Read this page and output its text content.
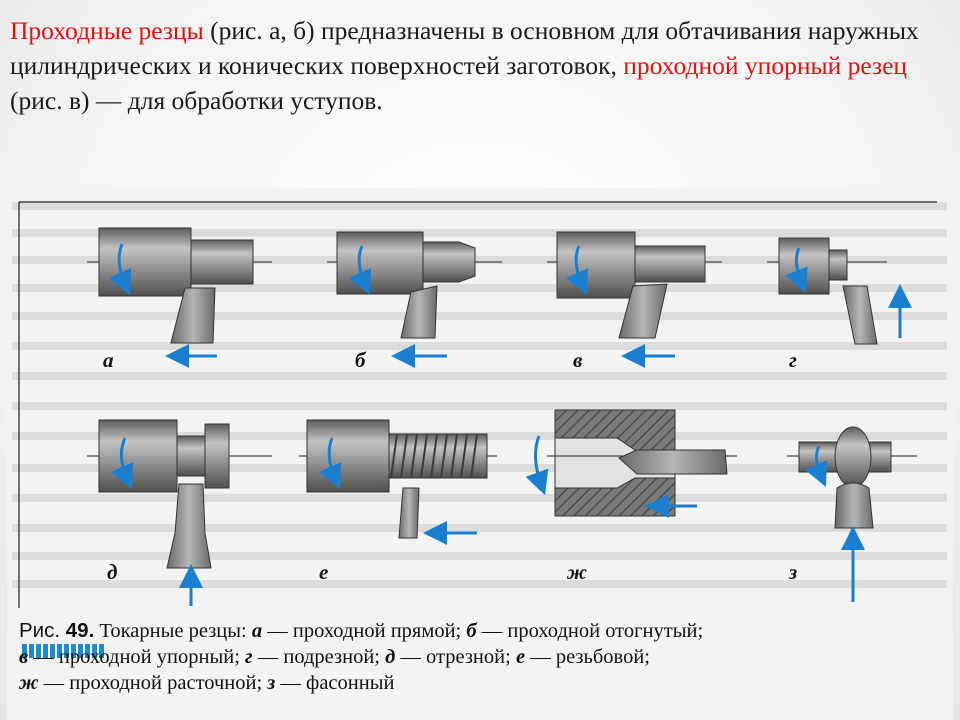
Проходные резцы (рис. а, б) предназначены в основном для обтачивания наружных цилиндрических и конических поверхностей заготовок, проходной упорный резец (рис. в) — для обработки уступов.

а	б	в	г
д	е	ж	з

Рис. 49. Токарные резцы: а — проходной прямой; б — проходной отогнутый;
в — проходной упорный; г — подрезной; д — отрезной; е — резьбовой;
ж — проходной расточной; з — фасонный
